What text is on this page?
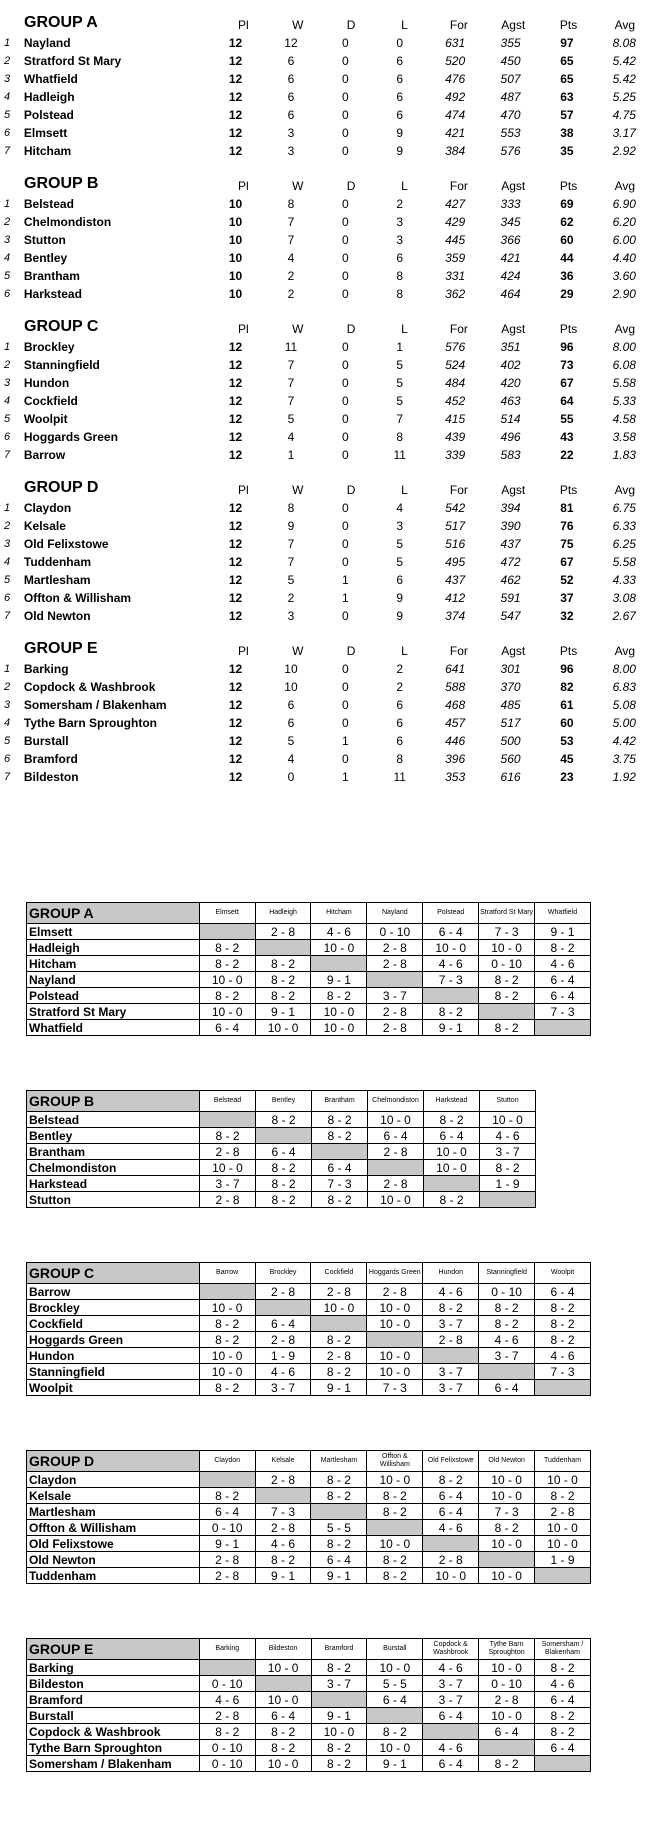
GROUP A	Pl	W	D	L	For	Agst	Pts	Avg
1	Nayland	12	12	0	0	631	355	97	8.08
2	Stratford St Mary	12	6	0	6	520	450	65	5.42
3	Whatfield	12	6	0	6	476	507	65	5.42
4	Hadleigh	12	6	0	6	492	487	63	5.25
5	Polstead	12	6	0	6	474	470	57	4.75
6	Elmsett	12	3	0	9	421	553	38	3.17
7	Hitcham	12	3	0	9	384	576	35	2.92
GROUP B	Pl	W	D	L	For	Agst	Pts	Avg
1	Belstead	10	8	0	2	427	333	69	6.90
2	Chelmondiston	10	7	0	3	429	345	62	6.20
3	Stutton	10	7	0	3	445	366	60	6.00
4	Bentley	10	4	0	6	359	421	44	4.40
5	Brantham	10	2	0	8	331	424	36	3.60
6	Harkstead	10	2	0	8	362	464	29	2.90
GROUP C	Pl	W	D	L	For	Agst	Pts	Avg
1	Brockley	12	11	0	1	576	351	96	8.00
2	Stanningfield	12	7	0	5	524	402	73	6.08
3	Hundon	12	7	0	5	484	420	67	5.58
4	Cockfield	12	7	0	5	452	463	64	5.33
5	Woolpit	12	5	0	7	415	514	55	4.58
6	Hoggards Green	12	4	0	8	439	496	43	3.58
7	Barrow	12	1	0	11	339	583	22	1.83
GROUP D	Pl	W	D	L	For	Agst	Pts	Avg
1	Claydon	12	8	0	4	542	394	81	6.75
2	Kelsale	12	9	0	3	517	390	76	6.33
3	Old Felixstowe	12	7	0	5	516	437	75	6.25
4	Tuddenham	12	7	0	5	495	472	67	5.58
5	Martlesham	12	5	1	6	437	462	52	4.33
6	Offton & Willisham	12	2	1	9	412	591	37	3.08
7	Old Newton	12	3	0	9	374	547	32	2.67
GROUP E	Pl	W	D	L	For	Agst	Pts	Avg
1	Barking	12	10	0	2	641	301	96	8.00
2	Copdock & Washbrook	12	10	0	2	588	370	82	6.83
3	Somersham / Blakenham	12	6	0	6	468	485	61	5.08
4	Tythe Barn Sproughton	12	6	0	6	457	517	60	5.00
5	Burstall	12	5	1	6	446	500	53	4.42
6	Bramford	12	4	0	8	396	560	45	3.75
7	Bildeston	12	0	1	11	353	616	23	1.92
GROUP A	Elmsett	Hadleigh	Hitcham	Nayland	Polstead	Stratford St Mary	Whatfield
Elmsett		2 - 8	4 - 6	0 - 10	6 - 4	7 - 3	9 - 1
Hadleigh	8 - 2		10 - 0	2 - 8	10 - 0	10 - 0	8 - 2
Hitcham	8 - 2	8 - 2		2 - 8	4 - 6	0 - 10	4 - 6
Nayland	10 - 0	8 - 2	9 - 1		7 - 3	8 - 2	6 - 4
Polstead	8 - 2	8 - 2	8 - 2	3 - 7		8 - 2	6 - 4
Stratford St Mary	10 - 0	9 - 1	10 - 0	2 - 8	8 - 2		7 - 3
Whatfield	6 - 4	10 - 0	10 - 0	2 - 8	9 - 1	8 - 2	
GROUP B	Belstead	Bentley	Brantham	Chelmondiston	Harkstead	Stutton
Belstead		8 - 2	8 - 2	10 - 0	8 - 2	10 - 0
Bentley	8 - 2		8 - 2	6 - 4	6 - 4	4 - 6
Brantham	2 - 8	6 - 4		2 - 8	10 - 0	3 - 7
Chelmondiston	10 - 0	8 - 2	6 - 4		10 - 0	8 - 2
Harkstead	3 - 7	8 - 2	7 - 3	2 - 8		1 - 9
Stutton	2 - 8	8 - 2	8 - 2	10 - 0	8 - 2	
GROUP C	Barrow	Brockley	Cockfield	Hoggards Green	Hundon	Stanningfield	Woolpit
Barrow		2 - 8	2 - 8	2 - 8	4 - 6	0 - 10	6 - 4
Brockley	10 - 0		10 - 0	10 - 0	8 - 2	8 - 2	8 - 2
Cockfield	8 - 2	6 - 4		10 - 0	3 - 7	8 - 2	8 - 2
Hoggards Green	8 - 2	2 - 8	8 - 2		2 - 8	4 - 6	8 - 2
Hundon	10 - 0	1 - 9	2 - 8	10 - 0		3 - 7	4 - 6
Stanningfield	10 - 0	4 - 6	8 - 2	10 - 0	3 - 7		7 - 3
Woolpit	8 - 2	3 - 7	9 - 1	7 - 3	3 - 7	6 - 4	
GROUP D	Claydon	Kelsale	Martlesham	Offton & Willisham	Old Felixstowe	Old Newton	Tuddenham
Claydon		2 - 8	8 - 2	10 - 0	8 - 2	10 - 0	10 - 0
Kelsale	8 - 2		8 - 2	8 - 2	6 - 4	10 - 0	8 - 2
Martlesham	6 - 4	7 - 3		8 - 2	6 - 4	7 - 3	2 - 8
Offton & Willisham	0 - 10	2 - 8	5 - 5		4 - 6	8 - 2	10 - 0
Old Felixstowe	9 - 1	4 - 6	8 - 2	10 - 0		10 - 0	10 - 0
Old Newton	2 - 8	8 - 2	6 - 4	8 - 2	2 - 8		1 - 9
Tuddenham	2 - 8	9 - 1	9 - 1	8 - 2	10 - 0	10 - 0	
GROUP E	Barking	Bildeston	Bramford	Burstall	Copdock & Washbrook	Tythe Barn Sproughton	Somersham / Blakenham
Barking		10 - 0	8 - 2	10 - 0	4 - 6	10 - 0	8 - 2
Bildeston	0 - 10		3 - 7	5 - 5	3 - 7	0 - 10	4 - 6
Bramford	4 - 6	10 - 0		6 - 4	3 - 7	2 - 8	6 - 4
Burstall	2 - 8	6 - 4	9 - 1		6 - 4	10 - 0	8 - 2
Copdock & Washbrook	8 - 2	8 - 2	10 - 0	8 - 2		6 - 4	8 - 2
Tythe Barn Sproughton	0 - 10	8 - 2	8 - 2	10 - 0	4 - 6		6 - 4
Somersham / Blakenham	0 - 10	10 - 0	8 - 2	9 - 1	6 - 4	8 - 2	
